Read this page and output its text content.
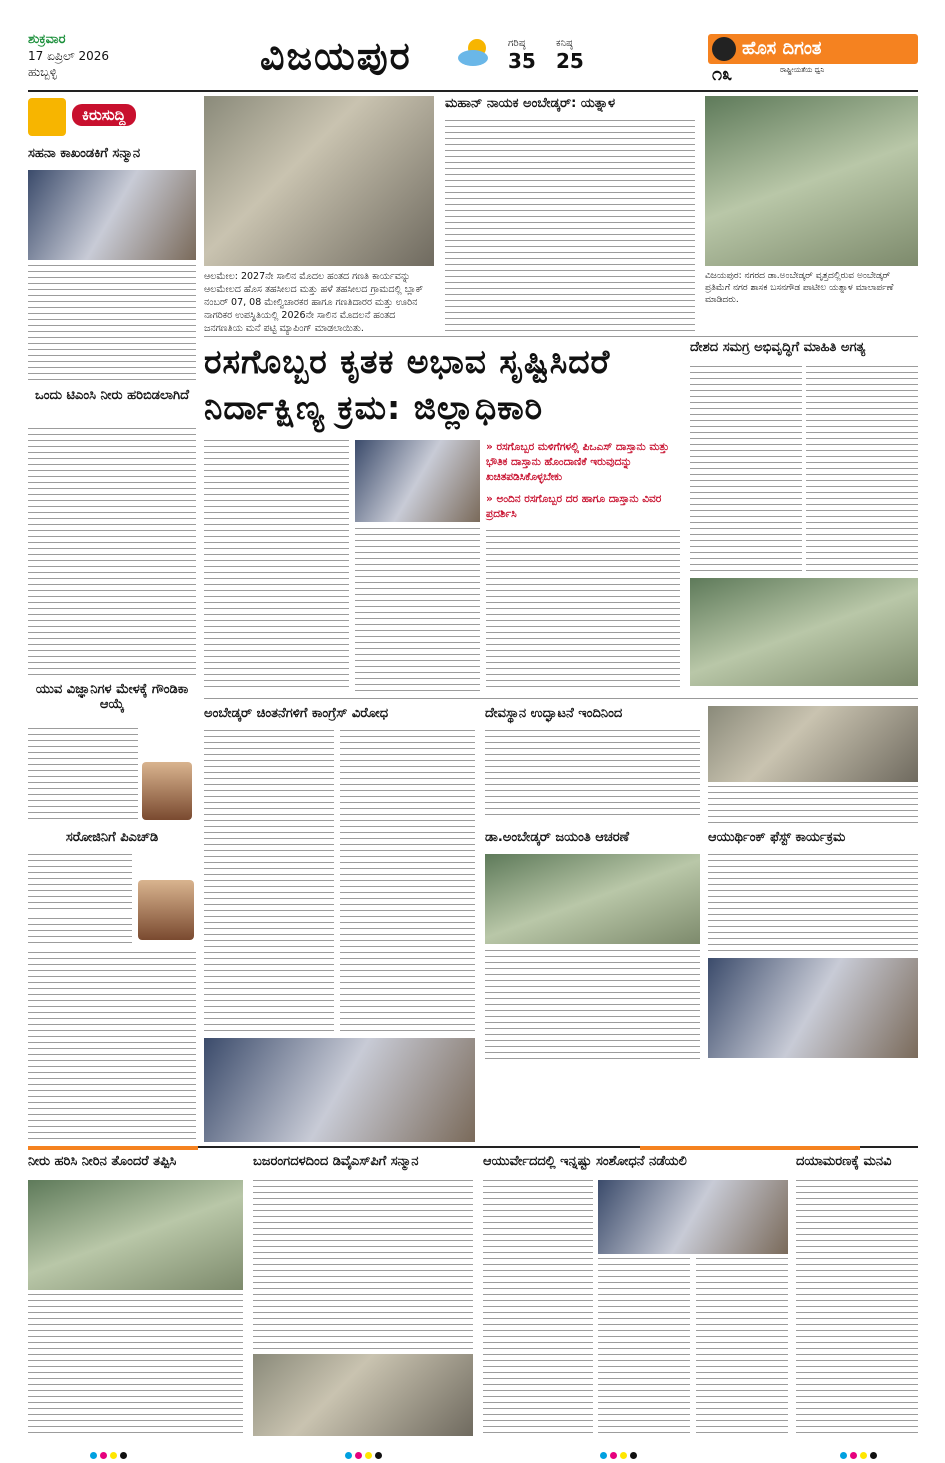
ಶುಕ್ರವಾರ
17 ಏಪ್ರಿಲ್ 2026
ಹುಬ್ಬಳ್ಳಿ	ವಿಜಯಪುರ	ಗರಿಷ್ಠ
35
ಕನಿಷ್ಠ
25
ಹೊಸ ದಿಗಂತ
೧೩	ರಾಷ್ಟ್ರೀಯತೆಯ ಧ್ವನಿ
ಕಿರುಸುದ್ದಿ
ಸಹನಾ ಕಾಖಂಡಕಿಗೆ ಸನ್ಮಾನ
ಒಂದು ಟಿಎಂಸಿ ನೀರು ಹರಿಬಿಡಲಾಗಿದೆ
ಯುವ ವಿಜ್ಞಾನಿಗಳ ಮೇಳಕ್ಕೆ ಗೌಂಡಿಕಾ ಆಯ್ಕೆ
ಸರೋಜಿನಿಗೆ ಪಿಎಚ್‌ಡಿ
ಆಲಮೇಲ: 2027ನೇ ಸಾಲಿನ ಮೊದಲ ಹಂತದ ಗಣತಿ ಕಾರ್ಯವನ್ನು ಆಲಮೇಲದ ಹೊಸ ತಹಸೀಲದ ಮತ್ತು ಹಳೆ ತಹಸೀಲದ ಗ್ರಾಮದಲ್ಲಿ ಬ್ಲಾಕ್ ನಂಬರ್ 07, 08 ಮೇಲ್ವಿಚಾರಕರ ಹಾಗೂ ಗಣತಿದಾರರ ಮತ್ತು ಊರಿನ ನಾಗರಿಕರ ಉಪಸ್ಥಿತಿಯಲ್ಲಿ 2026ನೇ ಸಾಲಿನ ಮೊದಲನೆ ಹಂತದ ಜನಗಣತಿಯ ಮನೆ ಪಟ್ಟಿ ಮ್ಯಾಪಿಂಗ್ ಮಾಡಲಾಯಿತು.
ಮಹಾನ್ ನಾಯಕ ಅಂಬೇಡ್ಕರ್: ಯತ್ನಾಳ
ವಿಜಯಪುರ: ನಗರದ ಡಾ.ಅಂಬೇಡ್ಕರ್ ವೃತ್ತದಲ್ಲಿರುವ ಅಂಬೇಡ್ಕರ್ ಪ್ರತಿಮೆಗೆ ನಗರ ಶಾಸಕ ಬಸನಗೌಡ ಪಾಟೀಲ ಯತ್ನಾಳ ಮಾಲಾರ್ಪಣೆ ಮಾಡಿದರು.
ರಸಗೊಬ್ಬರ ಕೃತಕ ಅಭಾವ ಸೃಷ್ಟಿಸಿದರೆ
ನಿರ್ದಾಕ್ಷಿಣ್ಯ ಕ್ರಮ: ಜಿಲ್ಲಾಧಿಕಾರಿ
» ರಸಗೊಬ್ಬರ ಮಳಿಗೆಗಳಲ್ಲಿ ಪಿಒಎಸ್ ದಾಸ್ತಾನು ಮತ್ತು ಭೌತಿಕ ದಾಸ್ತಾನು ಹೊಂದಾಣಿಕೆ ಇರುವುದನ್ನು ಖಚಿತಪಡಿಸಿಕೊಳ್ಳಬೇಕು
» ಅಂದಿನ ರಸಗೊಬ್ಬರ ದರ ಹಾಗೂ ದಾಸ್ತಾನು ವಿವರ ಪ್ರದರ್ಶಿಸಿ
ದೇಶದ ಸಮಗ್ರ ಅಭಿವೃದ್ಧಿಗೆ ಮಾಹಿತಿ ಅಗತ್ಯ
ಅಂಬೇಡ್ಕರ್ ಚಿಂತನೆಗಳಿಗೆ ಕಾಂಗ್ರೆಸ್ ವಿರೋಧ	ದೇವಸ್ಥಾನ ಉದ್ಘಾಟನೆ ಇಂದಿನಿಂದ
ಡಾ.ಅಂಬೇಡ್ಕರ್ ಜಯಂತಿ ಆಚರಣೆ	ಆಯುರ್ಥಿಂಕ್ ಫೆಸ್ಟ್ ಕಾರ್ಯಕ್ರಮ
ನೀರು ಹರಿಸಿ ನೀರಿನ ತೊಂದರೆ ತಪ್ಪಿಸಿ	ಬಜರಂಗದಳದಿಂದ ಡಿವೈಎಸ್‌ಪಿಗೆ ಸನ್ಮಾನ	ಆಯುರ್ವೇದದಲ್ಲಿ ಇನ್ನಷ್ಟು ಸಂಶೋಧನೆ ನಡೆಯಲಿ	ದಯಾಮರಣಕ್ಕೆ ಮನವಿ
